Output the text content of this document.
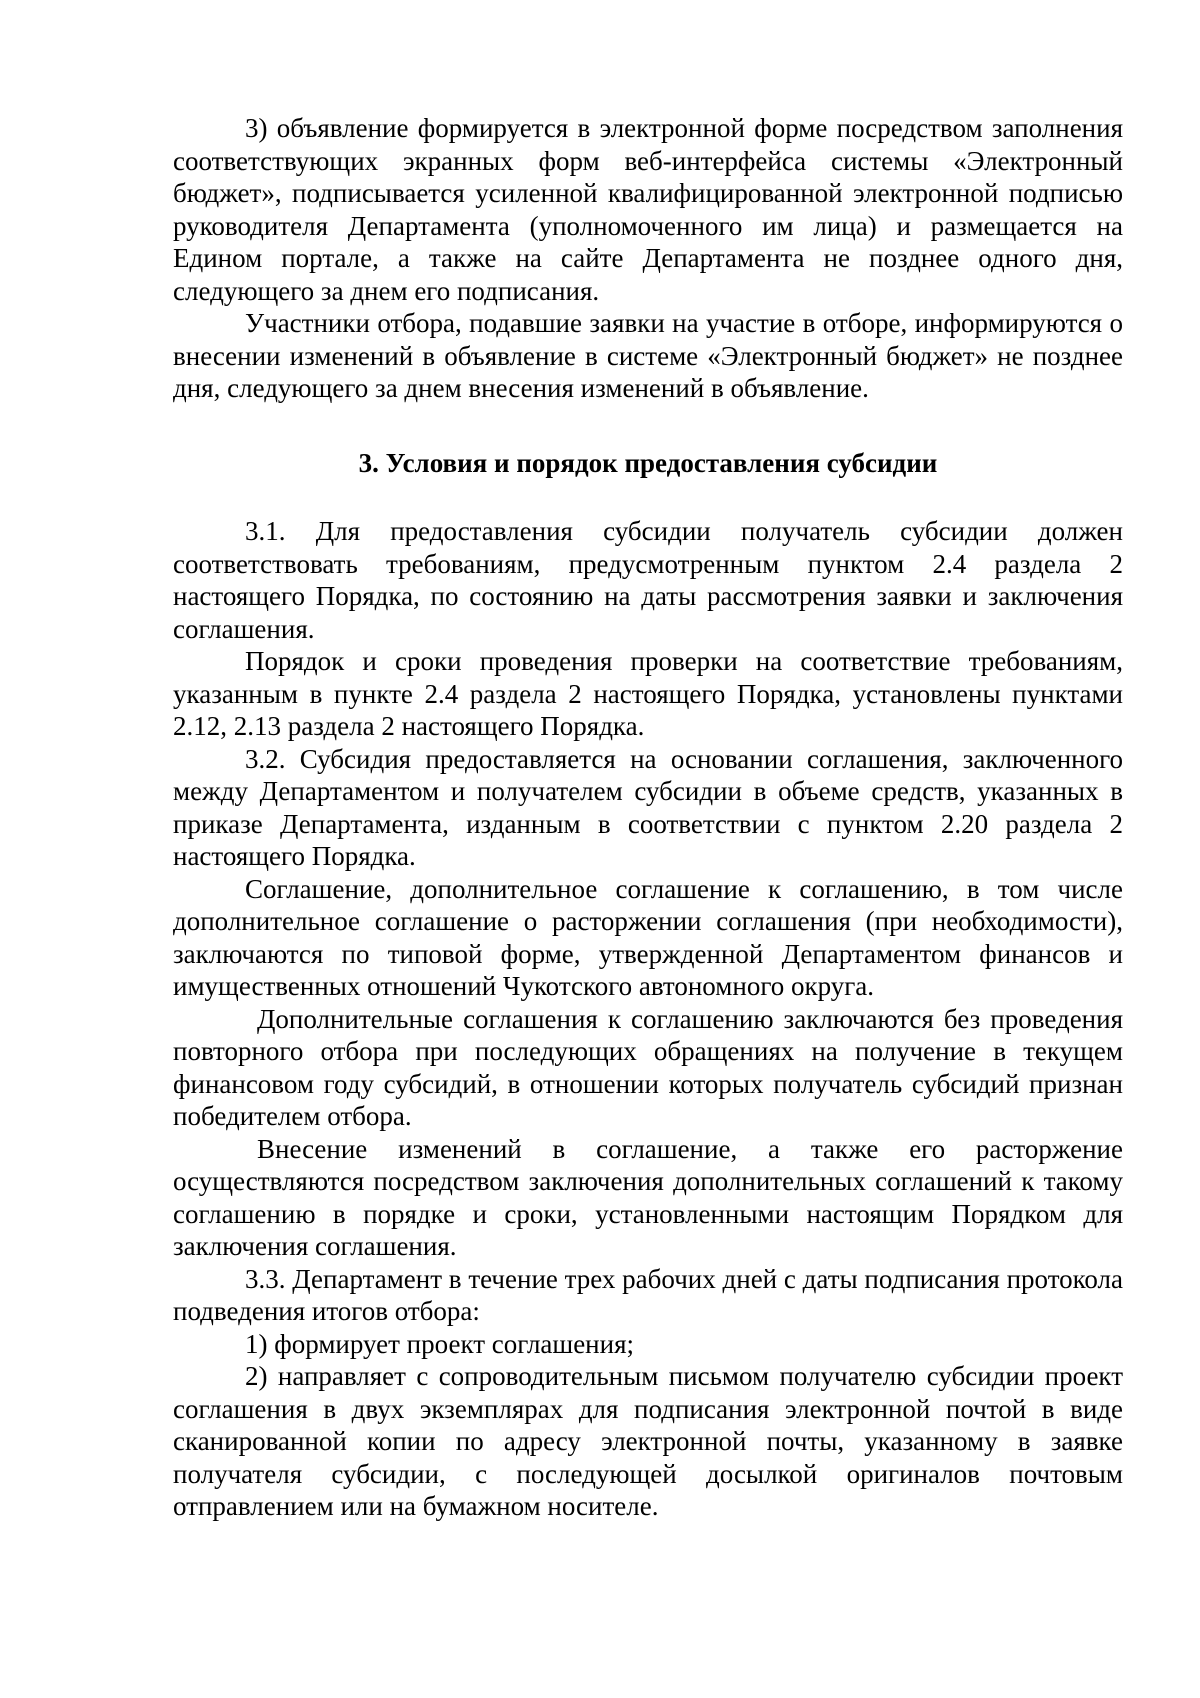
3) объявление формируется в электронной форме посредством заполнения соответствующих экранных форм веб-интерфейса системы «Электронный бюджет», подписывается усиленной квалифицированной электронной подписью руководителя Департамента (уполномоченного им лица) и размещается на Едином портале, а также на сайте Департамента не позднее одного дня, следующего за днем его подписания.

Участники отбора, подавшие заявки на участие в отборе, информируются о внесении изменений в объявление в системе «Электронный бюджет» не позднее дня, следующего за днем внесения изменений в объявление.

3. Условия и порядок предоставления субсидии

3.1. Для предоставления субсидии получатель субсидии должен соответствовать требованиям, предусмотренным пунктом 2.4 раздела 2 настоящего Порядка, по состоянию на даты рассмотрения заявки и заключения соглашения.

Порядок и сроки проведения проверки на соответствие требованиям, указанным в пункте 2.4 раздела 2 настоящего Порядка, установлены пунктами 2.12, 2.13 раздела 2 настоящего Порядка.

3.2. Субсидия предоставляется на основании соглашения, заключенного между Департаментом и получателем субсидии в объеме средств, указанных в приказе Департамента, изданным в соответствии с пунктом 2.20 раздела 2 настоящего Порядка.

Соглашение, дополнительное соглашение к соглашению, в том числе дополнительное соглашение о расторжении соглашения (при необходимости), заключаются по типовой форме, утвержденной Департаментом финансов и имущественных отношений Чукотского автономного округа.

Дополнительные соглашения к соглашению заключаются без проведения повторного отбора при последующих обращениях на получение в текущем финансовом году субсидий, в отношении которых получатель субсидий признан победителем отбора.

Внесение изменений в соглашение, а также его расторжение осуществляются посредством заключения дополнительных соглашений к такому соглашению в порядке и сроки, установленными настоящим Порядком для заключения соглашения.

3.3. Департамент в течение трех рабочих дней с даты подписания протокола подведения итогов отбора:

1) формирует проект соглашения;

2) направляет с сопроводительным письмом получателю субсидии проект соглашения в двух экземплярах для подписания электронной почтой в виде сканированной копии по адресу электронной почты, указанному в заявке получателя субсидии, с последующей досылкой оригиналов почтовым отправлением или на бумажном носителе.
